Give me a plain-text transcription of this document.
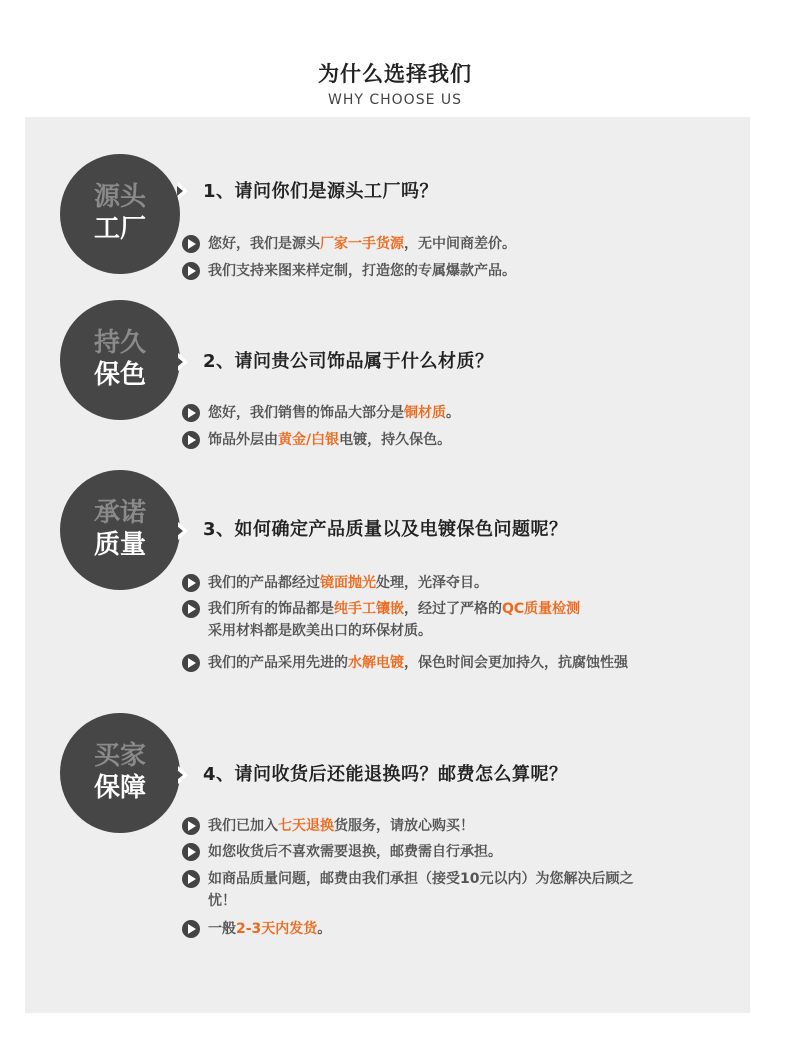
为什么选择我们
WHY CHOOSE US
源头
工厂
1、请问你们是源头工厂吗？
您好，我们是源头厂家一手货源，无中间商差价。
我们支持来图来样定制，打造您的专属爆款产品。
持久
保色	2、请问贵公司饰品属于什么材质？
您好，我们销售的饰品大部分是铜材质。
饰品外层由黄金/白银电镀，持久保色。
承诺
质量
3、如何确定产品质量以及电镀保色问题呢？
我们的产品都经过镜面抛光处理，光泽夺目。
我们所有的饰品都是纯手工镶嵌，经过了严格的QC质量检测
采用材料都是欧美出口的环保材质。
我们的产品采用先进的水解电镀，保色时间会更加持久，抗腐蚀性强
买家
保障	4、请问收货后还能退换吗？邮费怎么算呢？
我们已加入七天退换货服务，请放心购买！
如您收货后不喜欢需要退换，邮费需自行承担。
如商品质量问题，邮费由我们承担（接受10元以内）为您解决后顾之忧！
一般2-3天内发货。
